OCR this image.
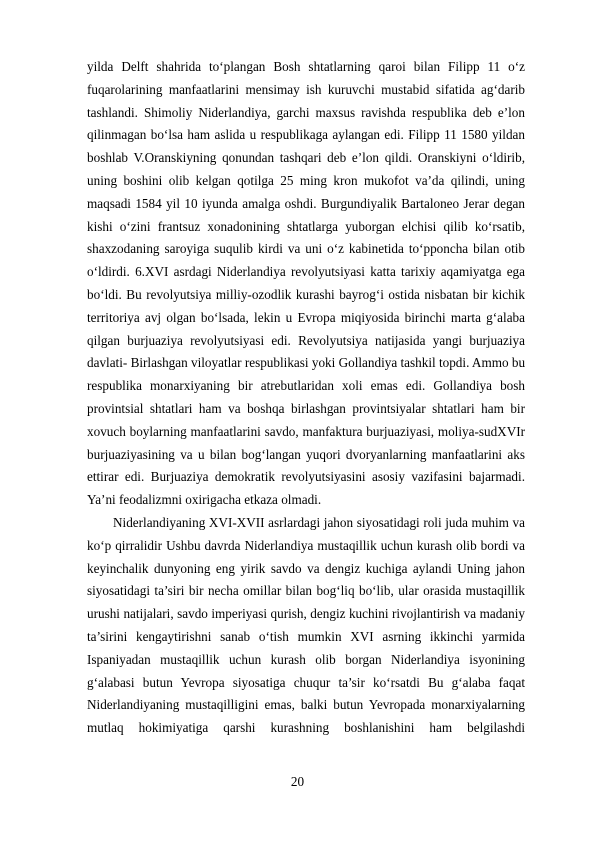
yilda Delft shahrida to‘plangan Bosh shtatlarning qaroi bilan Filipp 11 o‘z
fuqarolarining manfaatlarini mensimay ish kuruvchi mustabid sifatida ag‘darib
tashlandi. Shimoliy Niderlandiya, garchi maxsus ravishda respublika deb e’lon
qilinmagan bo‘lsa ham aslida u respublikaga aylangan edi. Filipp 11 1580 yildan
boshlab V.Oranskiyning qonundan tashqari deb e’lon qildi. Oranskiyni o‘ldirib,
uning boshini olib kelgan qotilga 25 ming kron mukofot va’da qilindi, uning
maqsadi 1584 yil 10 iyunda amalga oshdi. Burgundiyalik Bartaloneo Jerar degan
kishi o‘zini frantsuz xonadonining shtatlarga yuborgan elchisi qilib ko‘rsatib,
shaxzodaning saroyiga suqulib kirdi va uni o‘z kabinetida to‘pponcha bilan otib
o‘ldirdi. 6.XVI asrdagi Niderlandiya revolyutsiyasi katta tarixiy aqamiyatga ega
bo‘ldi. Bu revolyutsiya milliy-ozodlik kurashi bayrog‘i ostida nisbatan bir kichik
territoriya avj olgan bo‘lsada, lekin u Evropa miqiyosida birinchi marta g‘alaba
qilgan burjuaziya revolyutsiyasi edi. Revolyutsiya natijasida yangi burjuaziya
davlati- Birlashgan viloyatlar respublikasi yoki Gollandiya tashkil topdi. Ammo bu
respublika monarxiyaning bir atrebutlaridan xoli emas edi. Gollandiya bosh
provintsial shtatlari ham va boshqa birlashgan provintsiyalar shtatlari ham bir
xovuch boylarning manfaatlarini savdo, manfaktura burjuaziyasi, moliya-sudXVIr
burjuaziyasining va u bilan bog‘langan yuqori dvoryanlarning manfaatlarini aks
ettirar edi. Burjuaziya demokratik revolyutsiyasini asosiy vazifasini bajarmadi.
Ya’ni feodalizmni oxirigacha etkaza olmadi.
Niderlandiyaning XVI-XVII asrlardagi jahon siyosatidagi roli juda muhim va
ko‘p qirralidir Ushbu davrda Niderlandiya mustaqillik uchun kurash olib bordi va
keyinchalik dunyoning eng yirik savdo va dengiz kuchiga aylandi Uning jahon
siyosatidagi ta’siri bir necha omillar bilan bog‘liq bo‘lib, ular orasida mustaqillik
urushi natijalari, savdo imperiyasi qurish, dengiz kuchini rivojlantirish va madaniy
ta’sirini kengaytirishni sanab o‘tish mumkin XVI asrning ikkinchi yarmida
Ispaniyadan mustaqillik uchun kurash olib borgan Niderlandiya isyonining
g‘alabasi butun Yevropa siyosatiga chuqur ta’sir ko‘rsatdi Bu g‘alaba faqat
Niderlandiyaning mustaqilligini emas, balki butun Yevropada monarxiyalarning
mutlaq hokimiyatiga qarshi kurashning boshlanishini ham belgilashdi
20
